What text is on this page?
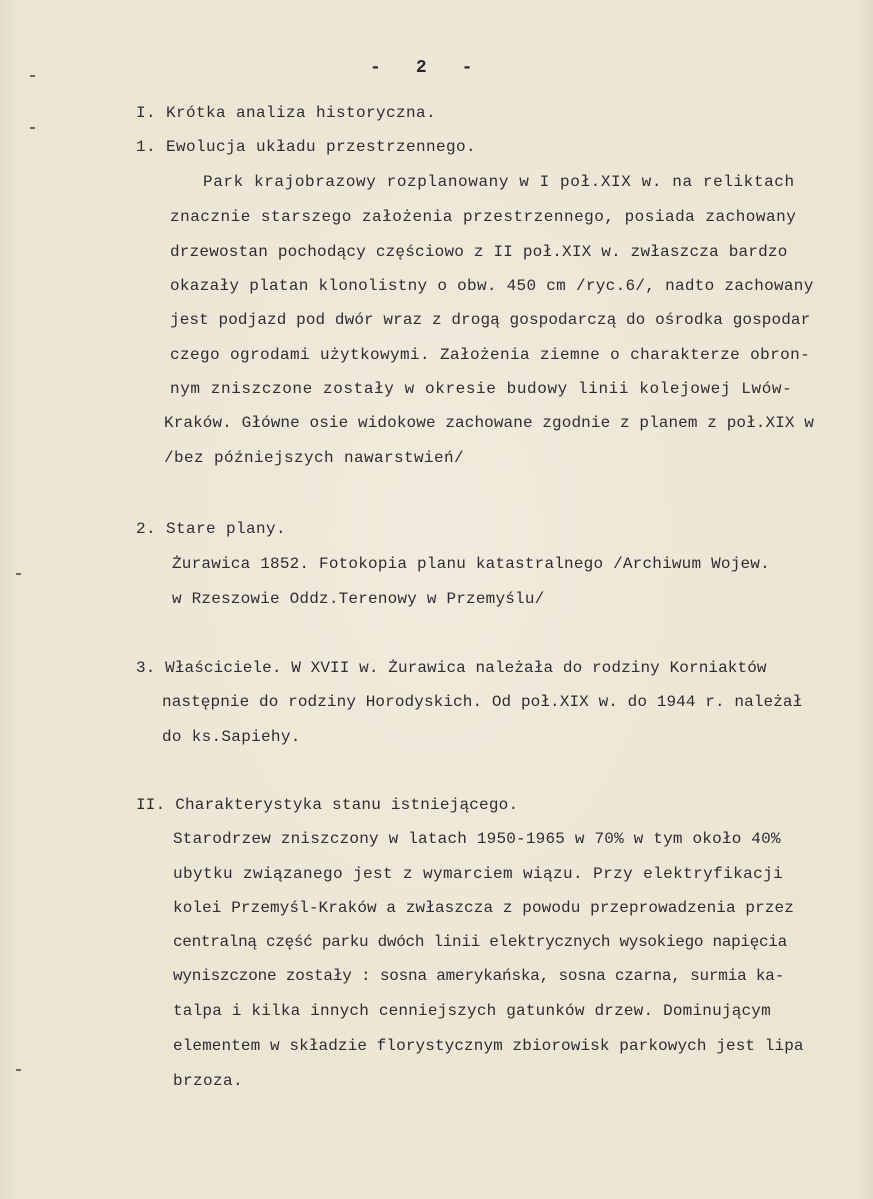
- 2 -
I. Krótka analiza historyczna.
1. Ewolucja układu przestrzennego.
Park krajobrazowy rozplanowany w I poł.XIX w. na reliktach
znacznie starszego założenia przestrzennego, posiada zachowany
drzewostan pochodący częściowo z II poł.XIX w. zwłaszcza bardzo
okazały platan klonolistny o obw. 450 cm /ryc.6/, nadto zachowany
jest podjazd pod dwór wraz z drogą gospodarczą do ośrodka gospodar
czego ogrodami użytkowymi. Założenia ziemne o charakterze obron-
nym zniszczone zostały w okresie budowy linii kolejowej Lwów-
Kraków. Główne osie widokowe zachowane zgodnie z planem z poł.XIX w
/bez późniejszych nawarstwień/
2. Stare plany.
Żurawica 1852. Fotokopia planu katastralnego /Archiwum Wojew.
w Rzeszowie Oddz.Terenowy w Przemyślu/
3. Właściciele. W XVII w. Żurawica należała do rodziny Korniaktów
następnie do rodziny Horodyskich. Od poł.XIX w. do 1944 r. należał
do ks.Sapiehy.
II. Charakterystyka stanu istniejącego.
Starodrzew zniszczony w latach 1950-1965 w 70% w tym około 40%
ubytku związanego jest z wymarciem wiązu. Przy elektryfikacji
kolei Przemyśl-Kraków a zwłaszcza z powodu przeprowadzenia przez
centralną część parku dwóch linii elektrycznych wysokiego napięcia
wyniszczone zostały : sosna amerykańska, sosna czarna, surmia ka-
talpa i kilka innych cenniejszych gatunków drzew. Dominującym
elementem w składzie florystycznym zbiorowisk parkowych jest lipa
brzoza.
